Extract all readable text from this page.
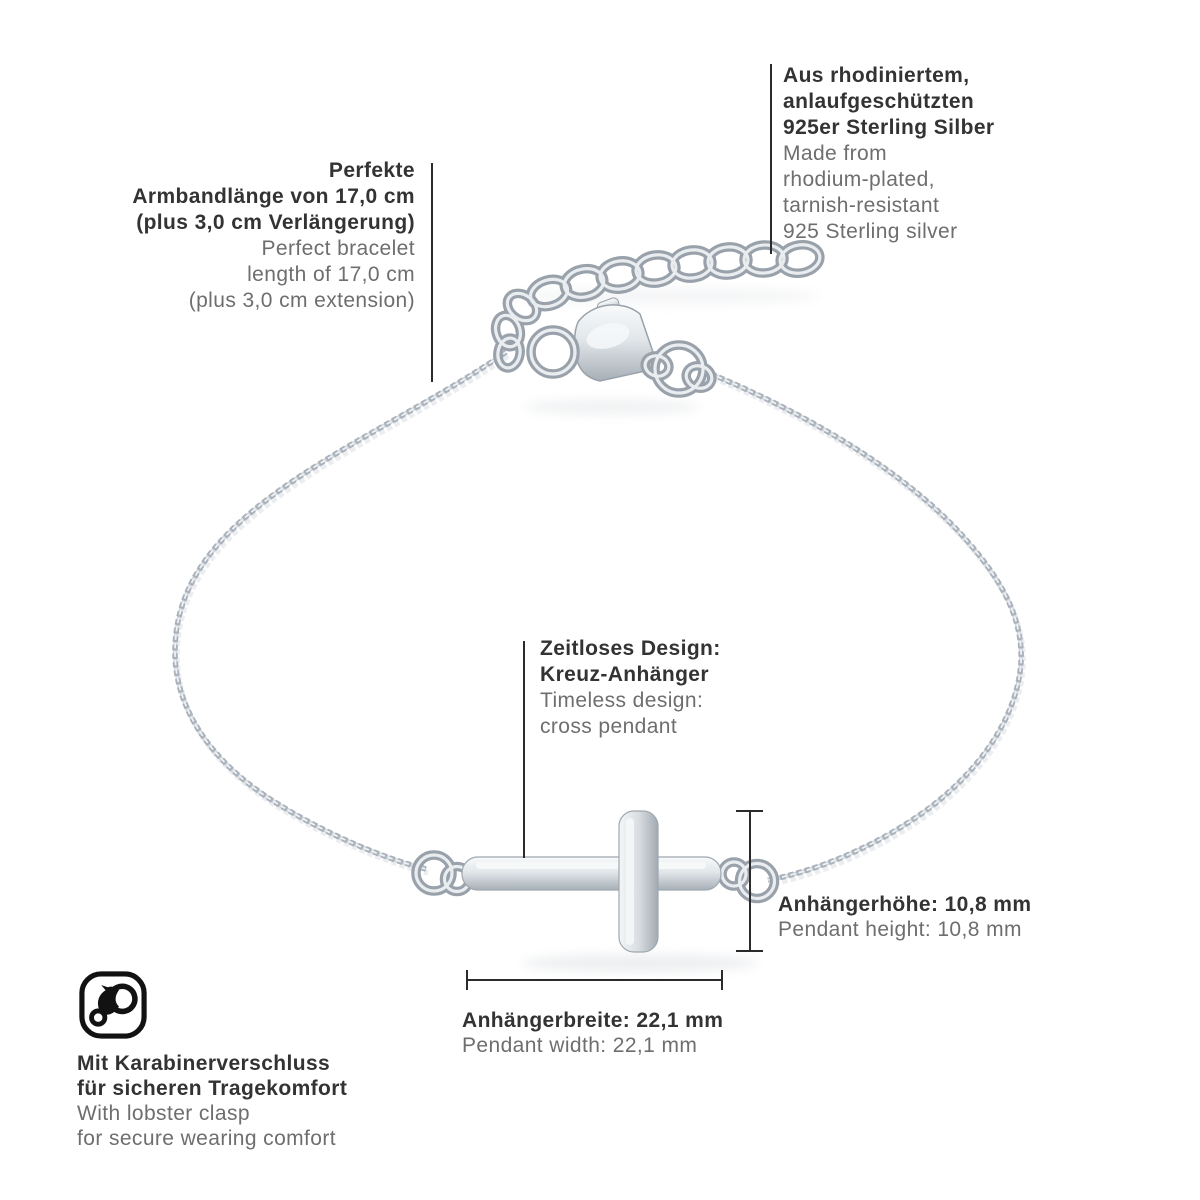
Perfekte
Armbandlänge von 17,0 cm
(plus 3,0 cm Verlängerung)
Perfect bracelet
length of 17,0 cm
(plus 3,0 cm extension)
Aus rhodiniertem,
anlaufgeschützten
925er Sterling Silber
Made from
rhodium-plated,
tarnish-resistant
925 Sterling silver
Zeitloses Design:
Kreuz-Anhänger
Timeless design:
cross pendant
Anhängerhöhe: 10,8 mm
Pendant height: 10,8 mm
Anhängerbreite: 22,1 mm
Pendant width: 22,1 mm
Mit Karabinerverschluss
für sicheren Tragekomfort
With lobster clasp
for secure wearing comfort
